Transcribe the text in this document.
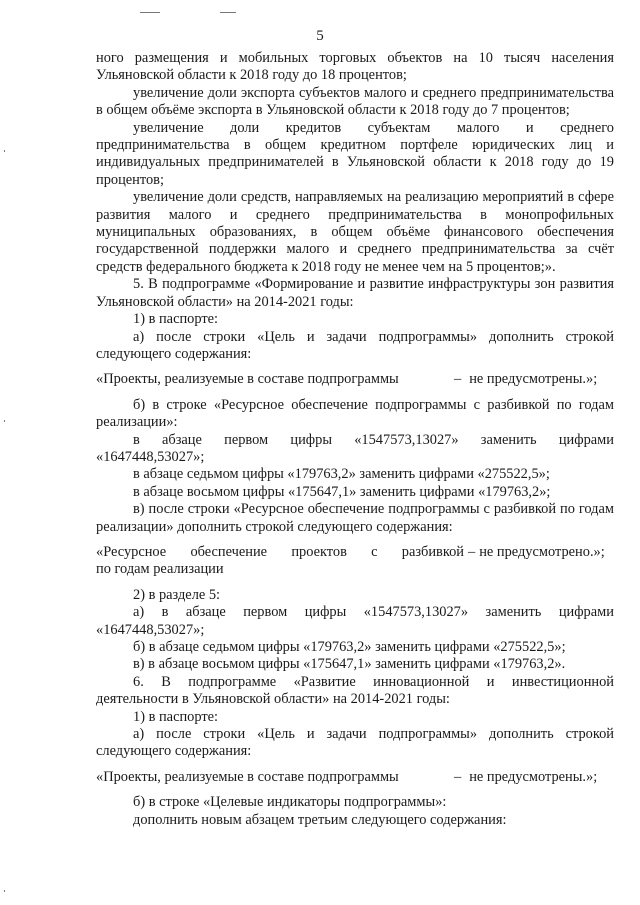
5

ного размещения и мобильных торговых объектов на 10 тысяч населения Ульяновской области к 2018 году до 18 процентов;

увеличение доли экспорта субъектов малого и среднего предпринимательства в общем объёме экспорта в Ульяновской области к 2018 году до 7 процентов;

увеличение доли кредитов субъектам малого и среднего предпринимательства в общем кредитном портфеле юридических лиц и индивидуальных предпринимателей в Ульяновской области к 2018 году до 19 процентов;

увеличение доли средств, направляемых на реализацию мероприятий в сфере развития малого и среднего предпринимательства в монопрофильных муниципальных образованиях, в общем объёме финансового обеспечения государственной поддержки малого и среднего предпринимательства за счёт средств федерального бюджета к 2018 году не менее чем на 5 процентов;».

5. В подпрограмме «Формирование и развитие инфраструктуры зон развития Ульяновской области» на 2014-2021 годы:

1) в паспорте:

а) после строки «Цель и задачи подпрограммы» дополнить строкой следующего содержания:

«Проекты, реализуемые в составе подпрограммы	– не предусмотрены.»;

б) в строке «Ресурсное обеспечение подпрограммы с разбивкой по годам реализации»:

в абзаце первом цифры «1547573,13027» заменить цифрами

«1647448,53027»;

в абзаце седьмом цифры «179763,2» заменить цифрами «275522,5»;

в абзаце восьмом цифры «175647,1» заменить цифрами «179763,2»;

в) после строки «Ресурсное обеспечение подпрограммы с разбивкой по годам реализации» дополнить строкой следующего содержания:

«Ресурсное обеспечение проектов с разбивкой – не предусмотрено.»;

по годам реализации

2) в разделе 5:

а) в абзаце первом цифры «1547573,13027» заменить цифрами

«1647448,53027»;

б) в абзаце седьмом цифры «179763,2» заменить цифрами «275522,5»;

в) в абзаце восьмом цифры «175647,1» заменить цифрами «179763,2».

6. В подпрограмме «Развитие инновационной и инвестиционной деятельности в Ульяновской области» на 2014-2021 годы:

1) в паспорте:

а) после строки «Цель и задачи подпрограммы» дополнить строкой следующего содержания:

«Проекты, реализуемые в составе подпрограммы	– не предусмотрены.»;

б) в строке «Целевые индикаторы подпрограммы»:

дополнить новым абзацем третьим следующего содержания:
